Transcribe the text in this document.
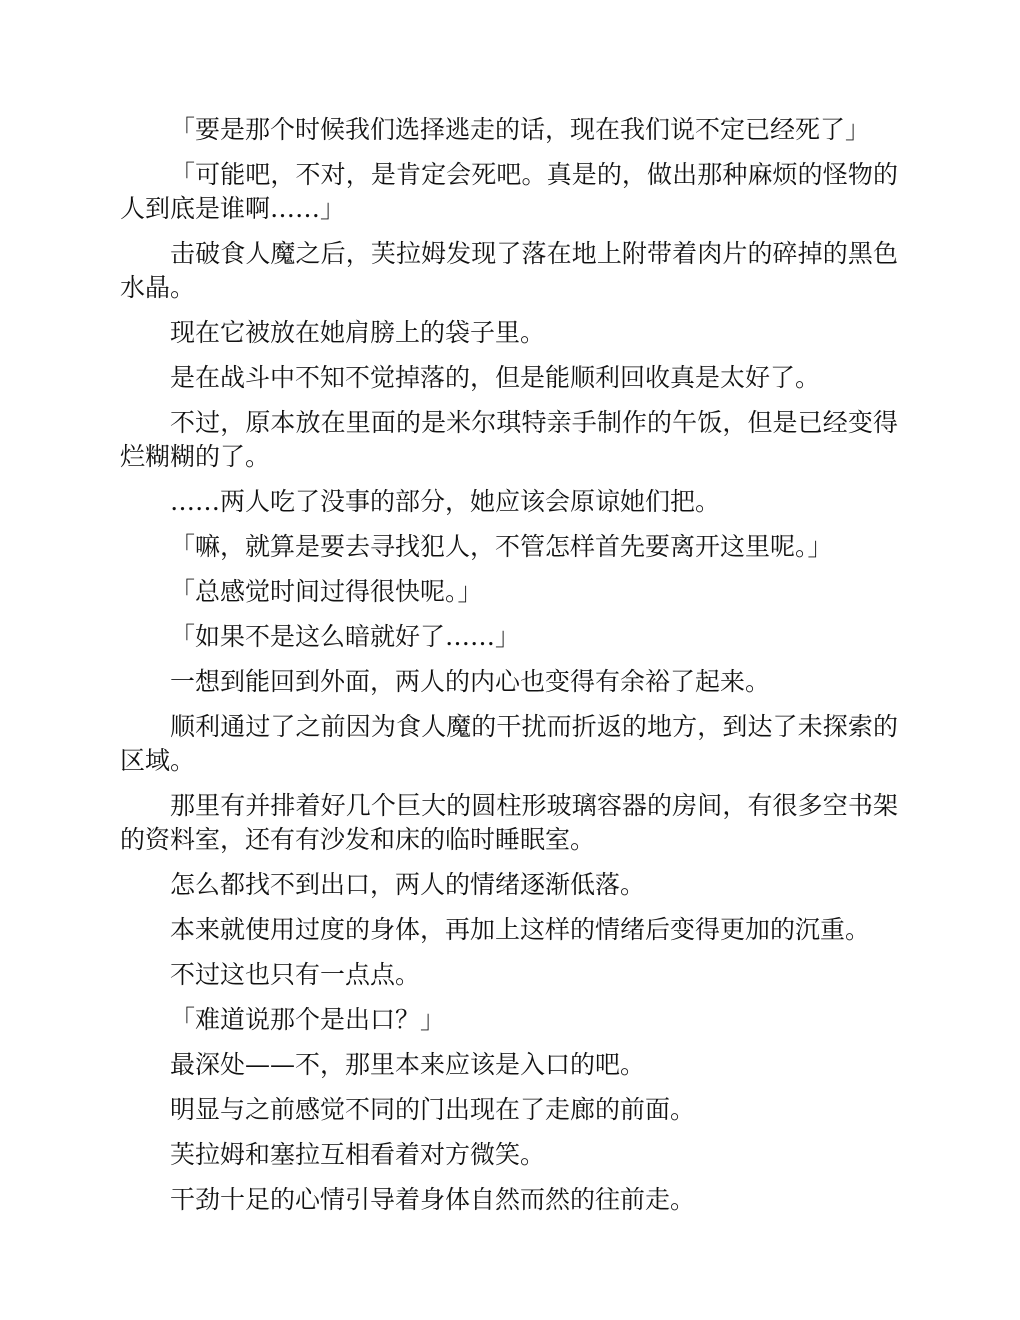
「要是那个时候我们选择逃走的话，现在我们说不定已经死了」

「可能吧，不对，是肯定会死吧。真是的，做出那种麻烦的怪物的人到底是谁啊……」

击破食人魔之后，芙拉姆发现了落在地上附带着肉片的碎掉的黑色水晶。

现在它被放在她肩膀上的袋子里。

是在战斗中不知不觉掉落的，但是能顺利回收真是太好了。

不过，原本放在里面的是米尔琪特亲手制作的午饭，但是已经变得烂糊糊的了。

……两人吃了没事的部分，她应该会原谅她们把。

「嘛，就算是要去寻找犯人，不管怎样首先要离开这里呢。」

「总感觉时间过得很快呢。」

「如果不是这么暗就好了……」

一想到能回到外面，两人的内心也变得有余裕了起来。

顺利通过了之前因为食人魔的干扰而折返的地方，到达了未探索的区域。

那里有并排着好几个巨大的圆柱形玻璃容器的房间，有很多空书架的资料室，还有有沙发和床的临时睡眠室。

怎么都找不到出口，两人的情绪逐渐低落。

本来就使用过度的身体，再加上这样的情绪后变得更加的沉重。

不过这也只有一点点。

「难道说那个是出口？」

最深处——不，那里本来应该是入口的吧。

明显与之前感觉不同的门出现在了走廊的前面。

芙拉姆和塞拉互相看着对方微笑。

干劲十足的心情引导着身体自然而然的往前走。
